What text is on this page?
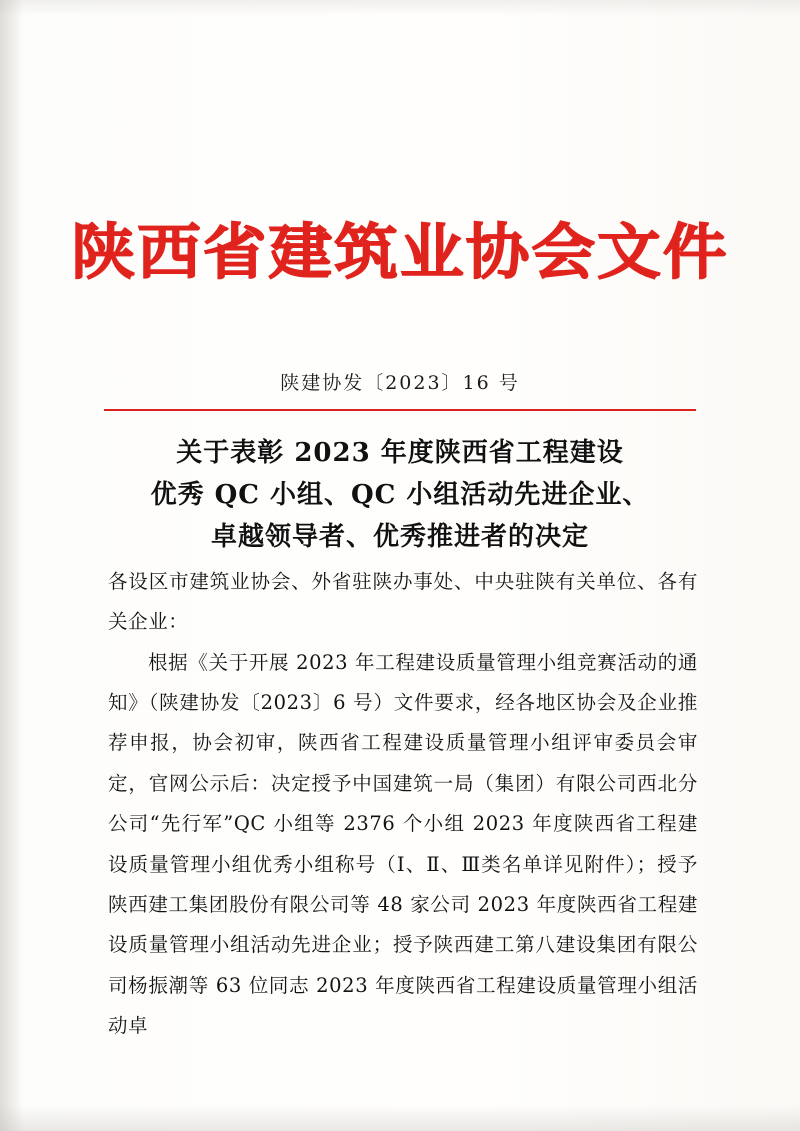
陕西省建筑业协会文件
陕建协发〔2023〕16 号
关于表彰 2023 年度陕西省工程建设
优秀 QC 小组、QC 小组活动先进企业、
卓越领导者、优秀推进者的决定

各设区市建筑业协会、外省驻陕办事处、中央驻陕有关单位、各有关企业：

根据《关于开展 2023 年工程建设质量管理小组竞赛活动的通知》（陕建协发〔2023〕6 号）文件要求，经各地区协会及企业推荐申报，协会初审，陕西省工程建设质量管理小组评审委员会审定，官网公示后：决定授予中国建筑一局（集团）有限公司西北分公司“先行军”QC 小组等 2376 个小组 2023 年度陕西省工程建设质量管理小组优秀小组称号（Ⅰ、Ⅱ、Ⅲ类名单详见附件）；授予陕西建工集团股份有限公司等 48 家公司 2023 年度陕西省工程建设质量管理小组活动先进企业；授予陕西建工第八建设集团有限公司杨振潮等 63 位同志 2023 年度陕西省工程建设质量管理小组活动卓
